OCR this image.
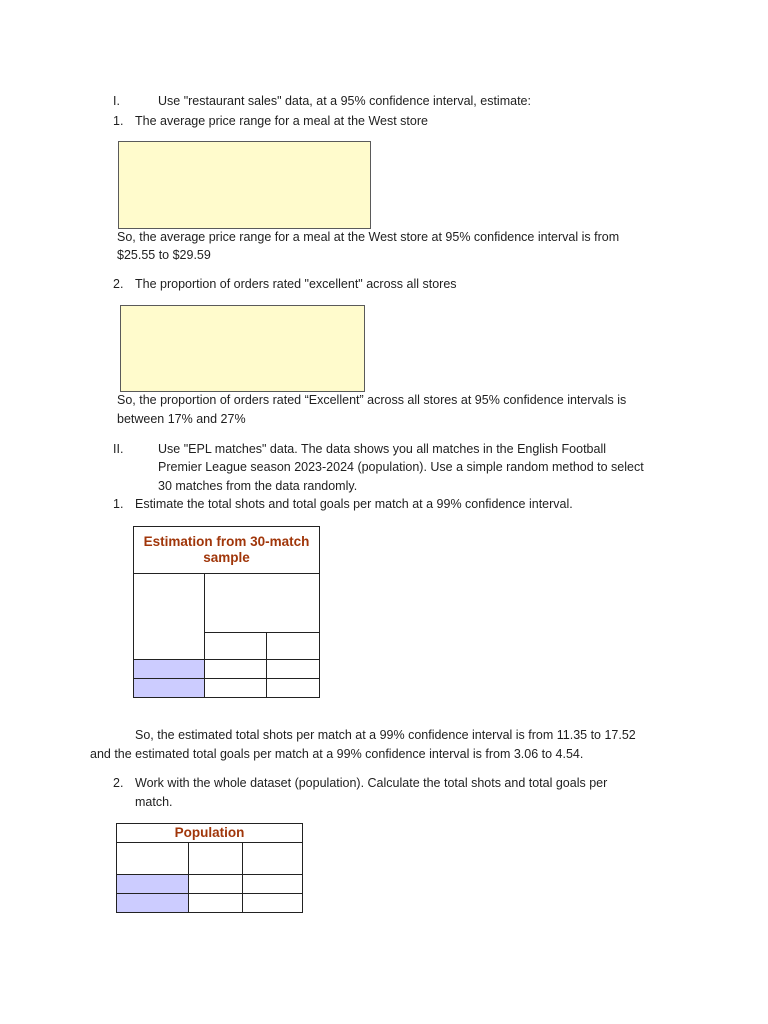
I.	Use "restaurant sales" data, at a 95% confidence interval, estimate:
1. The average price range for a meal at the West store
So, the average price range for a meal at the West store at 95% confidence interval is from
$25.55 to $29.59
2. The proportion of orders rated "excellent" across all stores
So, the proportion of orders rated “Excellent” across all stores at 95% confidence intervals is
between 17% and 27%
II.	Use "EPL matches" data. The data shows you all matches in the English Football
Premier League season 2023-2024 (population). Use a simple random method to select
30 matches from the data randomly.
1. Estimate the total shots and total goals per match at a 99% confidence interval.
Estimation from 30-match
sample
So, the estimated total shots per match at a 99% confidence interval is from 11.35 to 17.52
and the estimated total goals per match at a 99% confidence interval is from 3.06 to 4.54.
2. Work with the whole dataset (population). Calculate the total shots and total goals per
match.
Population
